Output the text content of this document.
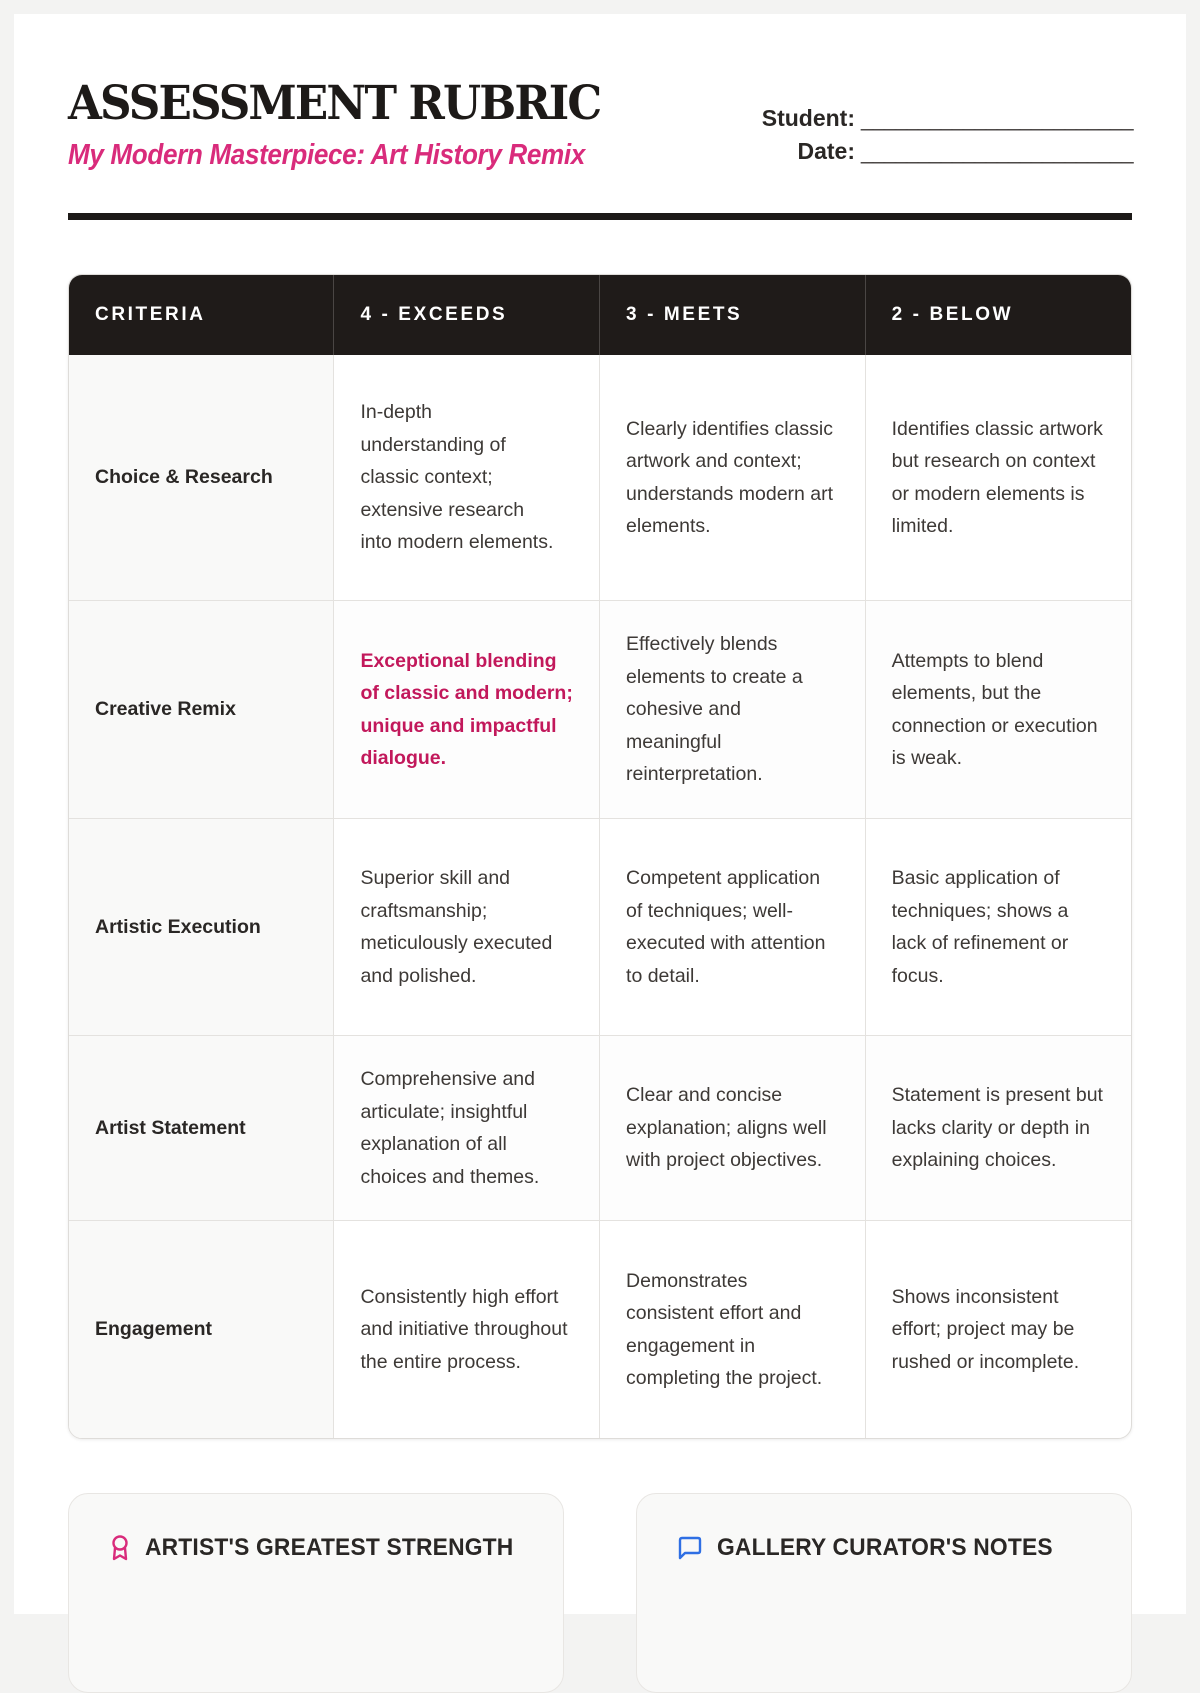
ASSESSMENT RUBRIC
My Modern Masterpiece: Art History Remix
Student: ________________________
Date: ________________________
CRITERIA	4 - EXCEEDS	3 - MEETS	2 - BELOW
Choice & Research	In-depth understanding of classic context; extensive research into modern elements.	Clearly identifies classic artwork and context; understands modern art elements.	Identifies classic artwork but research on context or modern elements is limited.
Creative Remix	Exceptional blending of classic and modern; unique and impactful dialogue.	Effectively blends elements to create a cohesive and meaningful reinterpretation.	Attempts to blend elements, but the connection or execution is weak.
Artistic Execution	Superior skill and craftsmanship; meticulously executed and polished.	Competent application of techniques; well-executed with attention to detail.	Basic application of techniques; shows a lack of refinement or focus.
Artist Statement	Comprehensive and articulate; insightful explanation of all choices and themes.	Clear and concise explanation; aligns well with project objectives.	Statement is present but lacks clarity or depth in explaining choices.
Engagement	Consistently high effort and initiative throughout the entire process.	Demonstrates consistent effort and engagement in completing the project.	Shows inconsistent effort; project may be rushed or incomplete.
ARTIST'S GREATEST STRENGTH	GALLERY CURATOR'S NOTES
